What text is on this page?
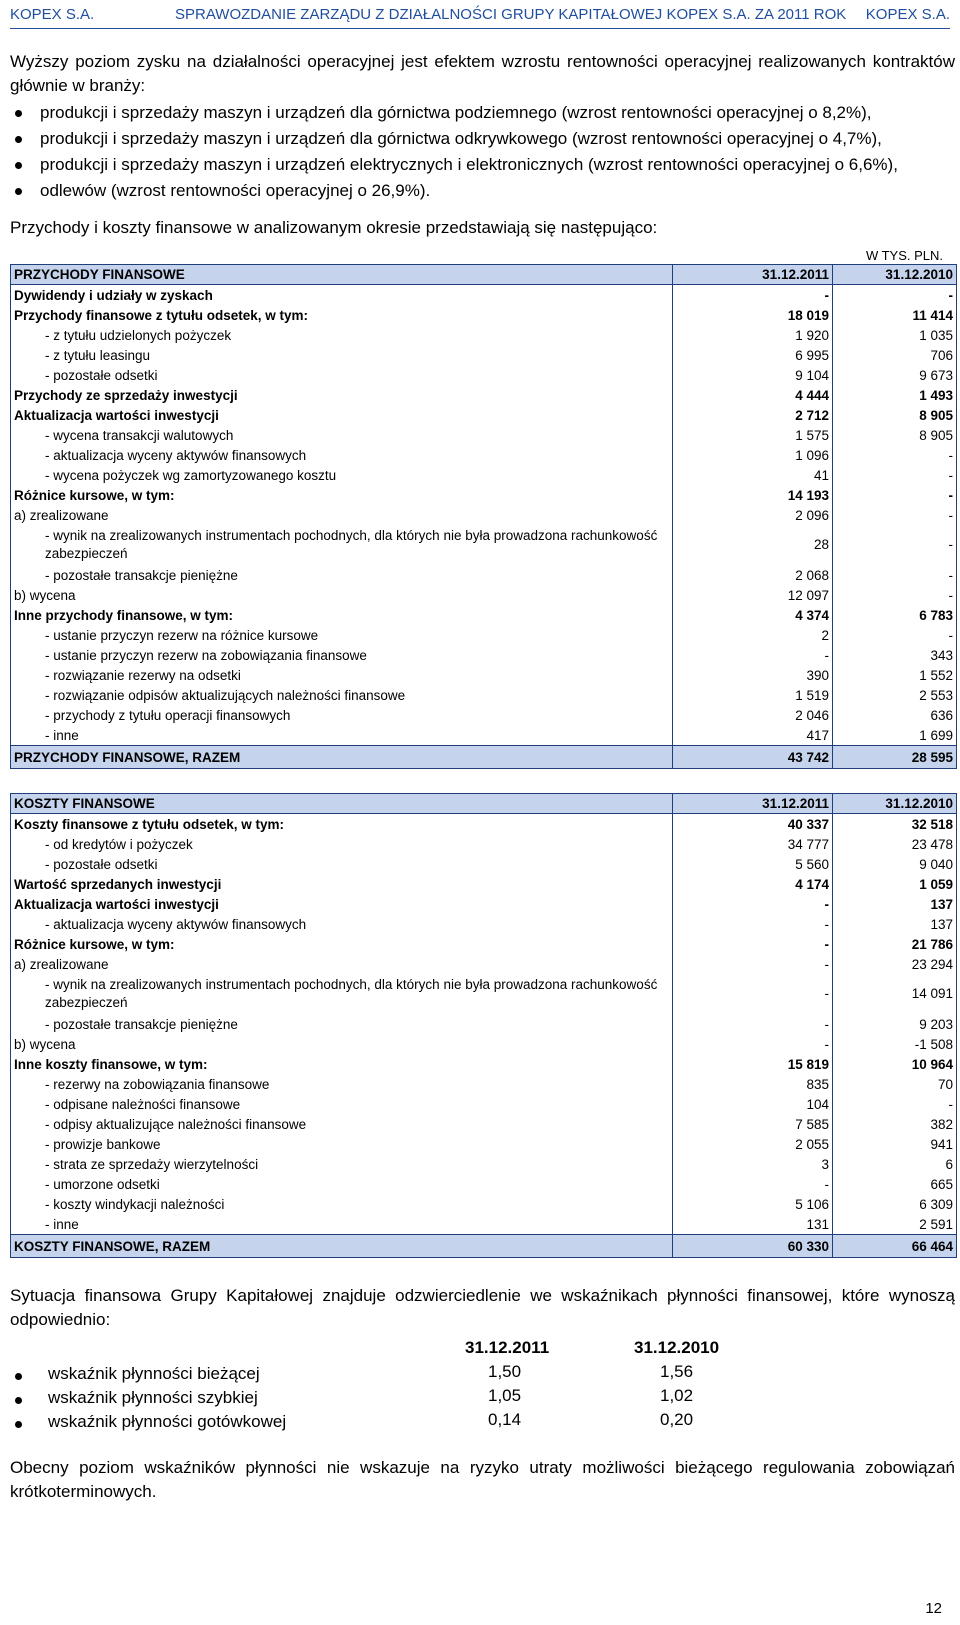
KOPEX S.A.	SPRAWOZDANIE ZARZĄDU Z DZIAŁALNOŚCI GRUPY KAPITAŁOWEJ KOPEX S.A. ZA 2011 ROK KOPEX S.A.

Wyższy poziom zysku na działalności operacyjnej jest efektem wzrostu rentowności operacyjnej realizowanych kontraktów głównie w branży:

produkcji i sprzedaży maszyn i urządzeń dla górnictwa podziemnego (wzrost rentowności operacyjnej o 8,2%),
produkcji i sprzedaży maszyn i urządzeń dla górnictwa odkrywkowego (wzrost rentowności operacyjnej o 4,7%),
produkcji i sprzedaży maszyn i urządzeń elektrycznych i elektronicznych (wzrost rentowności operacyjnej o 6,6%),
odlewów (wzrost rentowności operacyjnej o 26,9%).

Przychody i koszty finansowe w analizowanym okresie przedstawiają się następująco:

W TYS. PLN.
PRZYCHODY FINANSOWE	31.12.2011	31.12.2010
Dywidendy i udziały w zyskach	-	-
Przychody finansowe z tytułu odsetek, w tym:	18 019	11 414
- z tytułu udzielonych pożyczek	1 920	1 035
- z tytułu leasingu	6 995	706
- pozostałe odsetki	9 104	9 673
Przychody ze sprzedaży inwestycji	4 444	1 493
Aktualizacja wartości inwestycji	2 712	8 905
- wycena transakcji walutowych	1 575	8 905
- aktualizacja wyceny aktywów finansowych	1 096	-
- wycena pożyczek wg zamortyzowanego kosztu	41	-
Różnice kursowe, w tym:	14 193	-
a) zrealizowane	2 096	-
- wynik na zrealizowanych instrumentach pochodnych, dla których nie była prowadzona rachunkowość zabezpieczeń	28	-
- pozostałe transakcje pieniężne	2 068	-
b) wycena	12 097	-
Inne przychody finansowe, w tym:	4 374	6 783
- ustanie przyczyn rezerw na różnice kursowe	2	-
- ustanie przyczyn rezerw na zobowiązania finansowe	-	343
- rozwiązanie rezerwy na odsetki	390	1 552
- rozwiązanie odpisów aktualizujących należności finansowe	1 519	2 553
- przychody z tytułu operacji finansowych	2 046	636
- inne	417	1 699
PRZYCHODY FINANSOWE, RAZEM	43 742	28 595
KOSZTY FINANSOWE	31.12.2011	31.12.2010
Koszty finansowe z tytułu odsetek, w tym:	40 337	32 518
- od kredytów i pożyczek	34 777	23 478
- pozostałe odsetki	5 560	9 040
Wartość sprzedanych inwestycji	4 174	1 059
Aktualizacja wartości inwestycji	-	137
- aktualizacja wyceny aktywów finansowych	-	137
Różnice kursowe, w tym:	-	21 786
a) zrealizowane	-	23 294
- wynik na zrealizowanych instrumentach pochodnych, dla których nie była prowadzona rachunkowość zabezpieczeń	-	14 091
- pozostałe transakcje pieniężne	-	9 203
b) wycena	-	-1 508
Inne koszty finansowe, w tym:	15 819	10 964
- rezerwy na zobowiązania finansowe	835	70
- odpisane należności finansowe	104	-
- odpisy aktualizujące należności finansowe	7 585	382
- prowizje bankowe	2 055	941
- strata ze sprzedaży wierzytelności	3	6
- umorzone odsetki	-	665
- koszty windykacji należności	5 106	6 309
- inne	131	2 591
KOSZTY FINANSOWE, RAZEM	60 330	66 464

Sytuacja finansowa Grupy Kapitałowej znajduje odzwierciedlenie we wskaźnikach płynności finansowej, które wynoszą odpowiednio:

31.12.2011	31.12.2010
wskaźnik płynności bieżącej	1,50	1,56
wskaźnik płynności szybkiej	1,05	1,02
wskaźnik płynności gotówkowej	0,14	0,20

Obecny poziom wskaźników płynności nie wskazuje na ryzyko utraty możliwości bieżącego regulowania zobowiązań krótkoterminowych.

12
